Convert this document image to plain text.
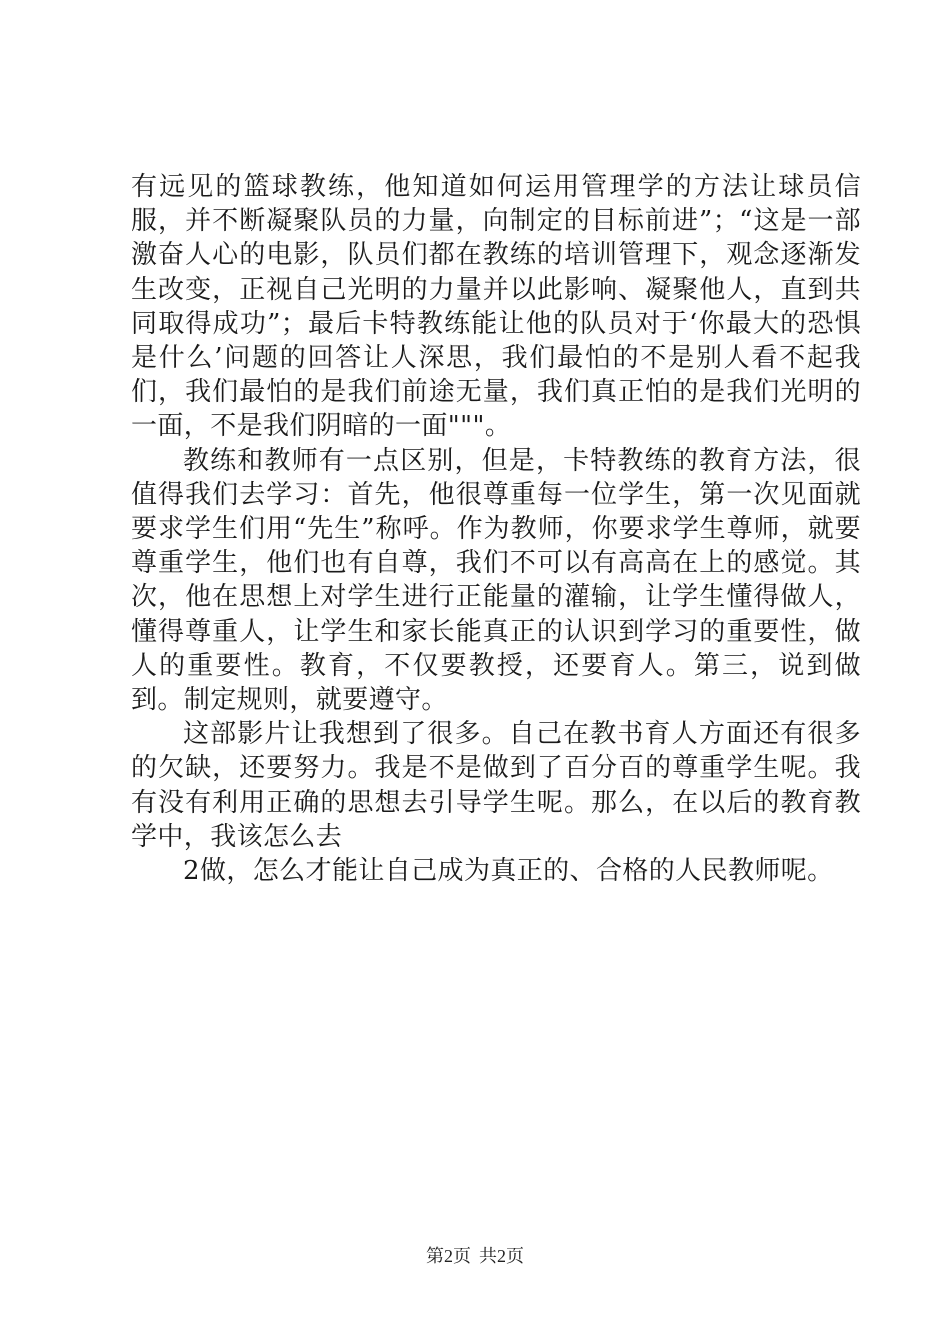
有远见的篮球教练，他知道如何运用管理学的方法让球员信服，并不断凝聚队员的力量，向制定的目标前进”；“这是一部激奋人心的电影，队员们都在教练的培训管理下，观念逐渐发生改变，正视自己光明的力量并以此影响、凝聚他人，直到共同取得成功”；最后卡特教练能让他的队员对于‘你最大的恐惧是什么’问题的回答让人深思，我们最怕的不是别人看不起我们，我们最怕的是我们前途无量，我们真正怕的是我们光明的一面，不是我们阴暗的一面"""。

教练和教师有一点区别，但是，卡特教练的教育方法，很值得我们去学习：首先，他很尊重每一位学生，第一次见面就要求学生们用“先生”称呼。作为教师，你要求学生尊师，就要尊重学生，他们也有自尊，我们不可以有高高在上的感觉。其次，他在思想上对学生进行正能量的灌输，让学生懂得做人，懂得尊重人，让学生和家长能真正的认识到学习的重要性，做人的重要性。教育，不仅要教授，还要育人。第三，说到做到。制定规则，就要遵守。

这部影片让我想到了很多。自己在教书育人方面还有很多的欠缺，还要努力。我是不是做到了百分百的尊重学生呢。我有没有利用正确的思想去引导学生呢。那么，在以后的教育教学中，我该怎么去

2做，怎么才能让自己成为真正的、合格的人民教师呢。

第2页 共2页
